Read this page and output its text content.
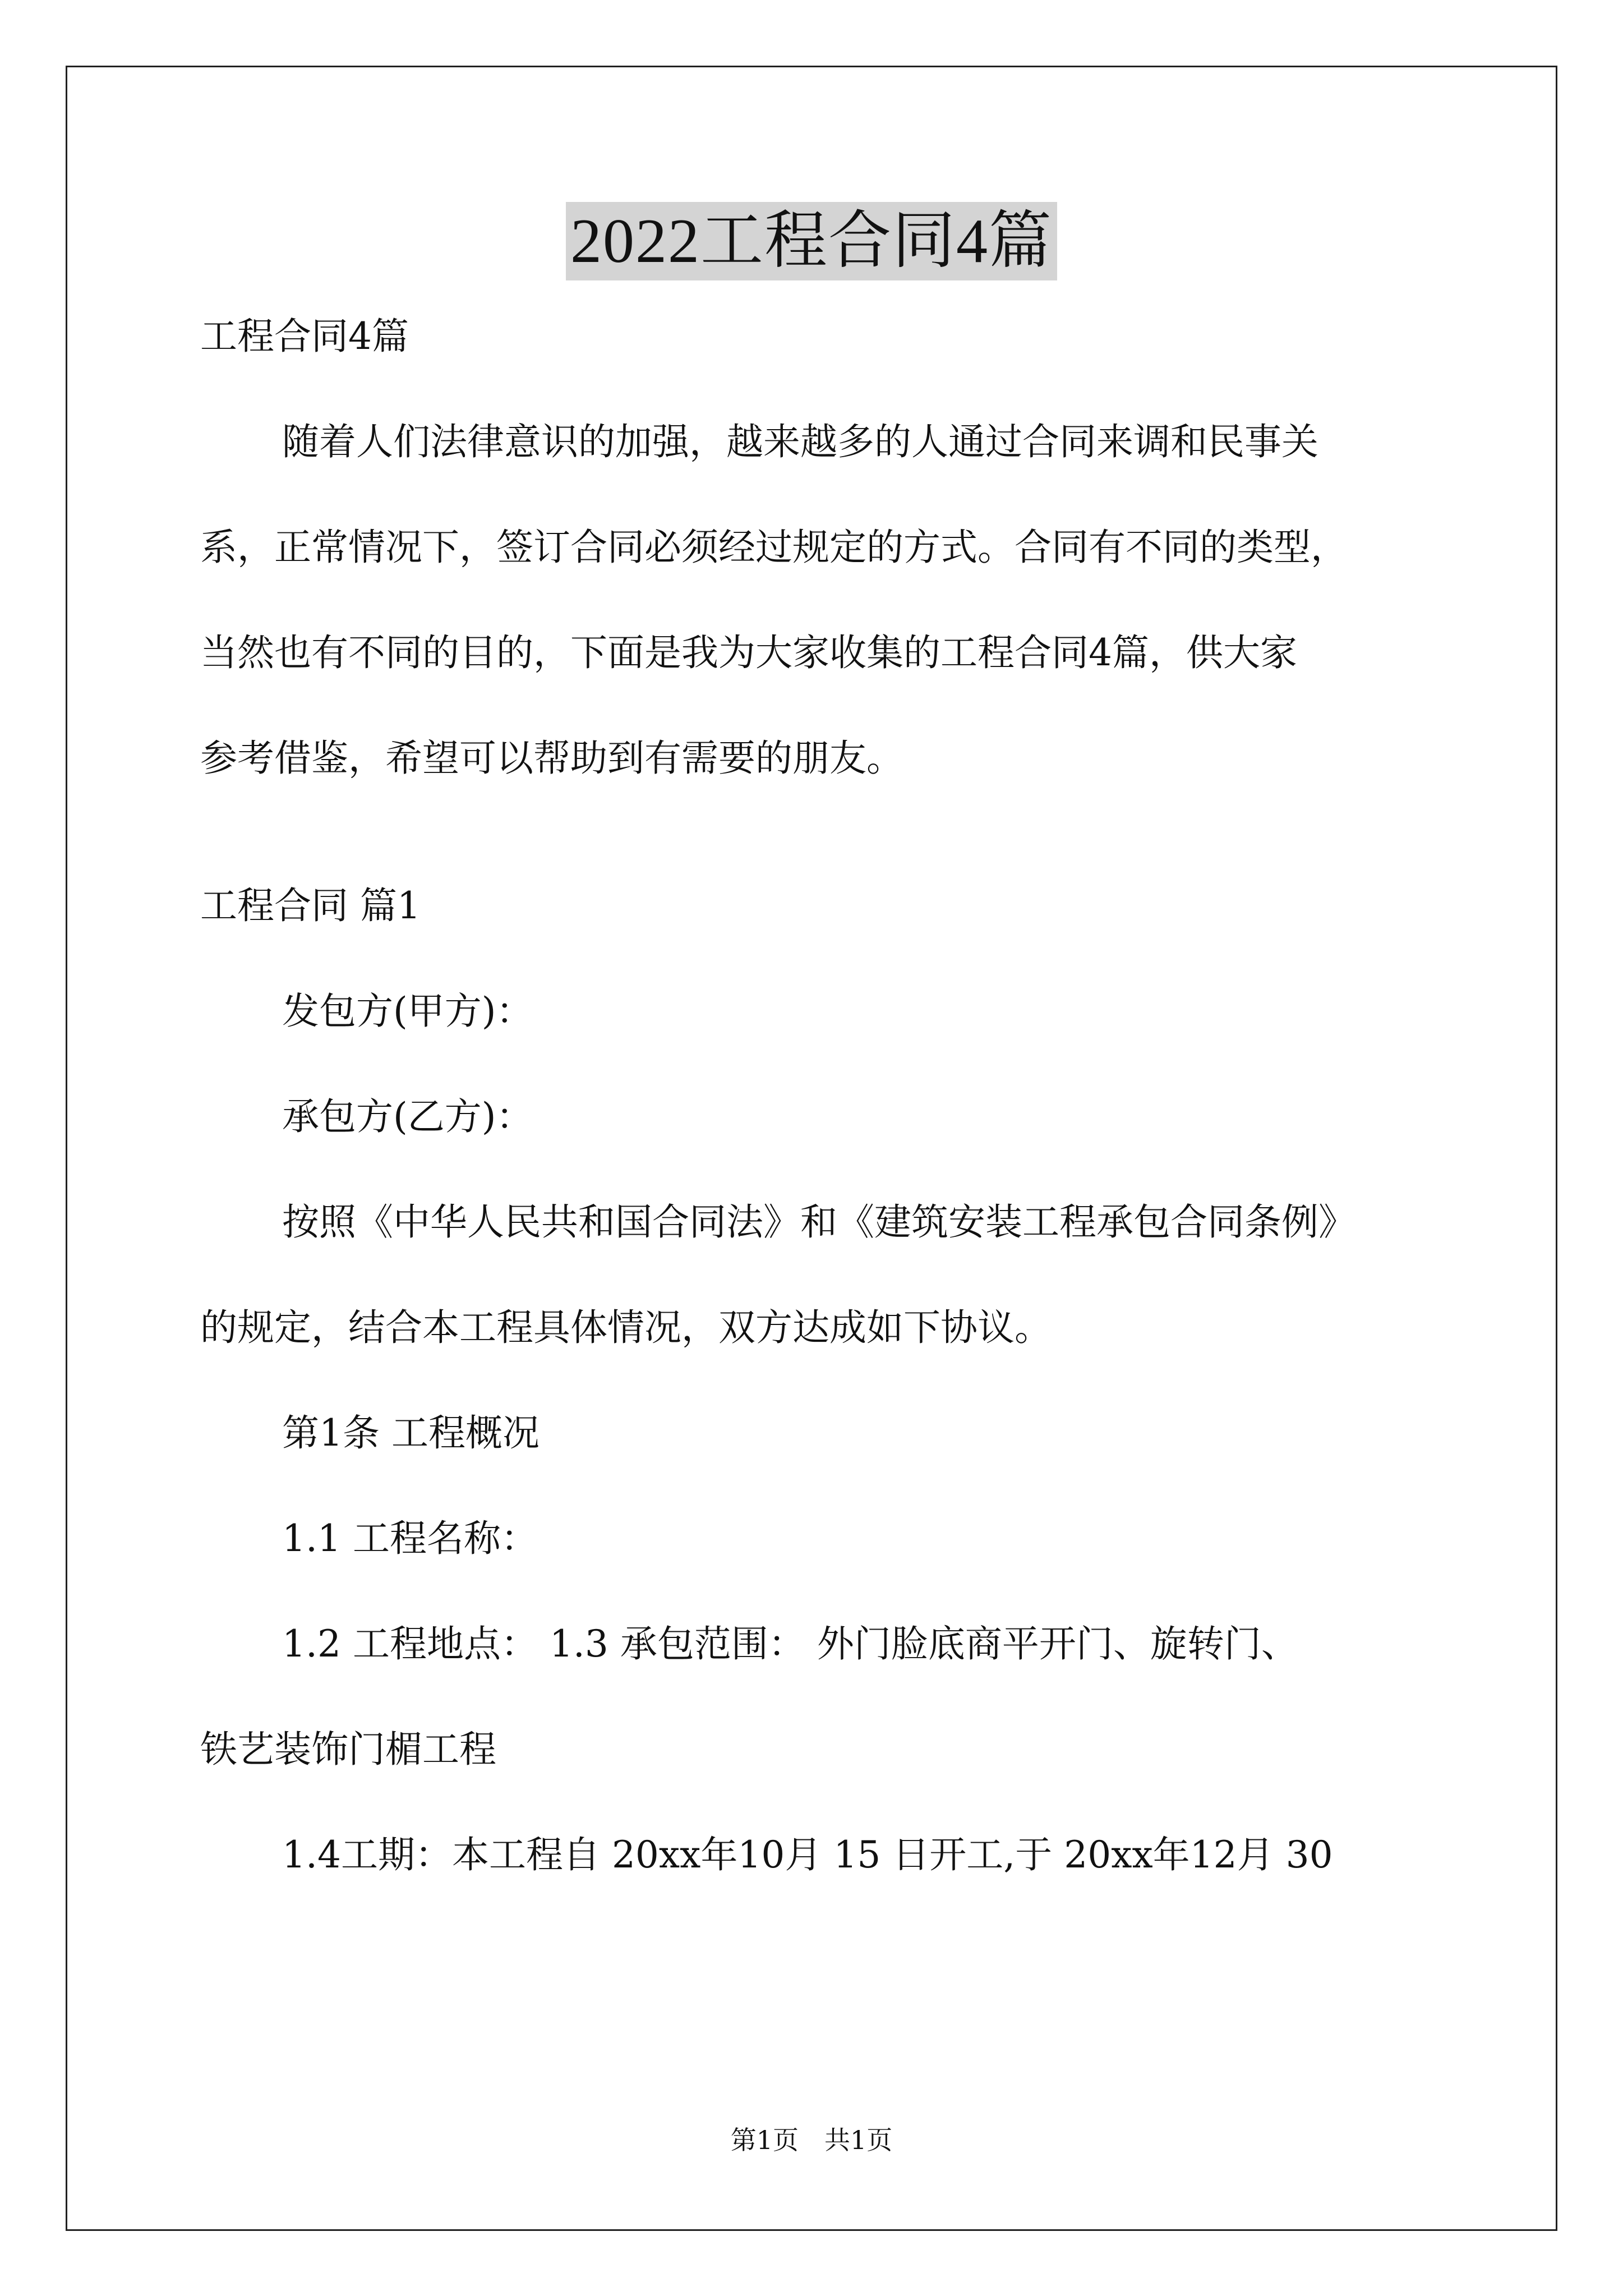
2022工程合同4篇
工程合同4篇
随着人们法律意识的加强，越来越多的人通过合同来调和民事关
系，正常情况下，签订合同必须经过规定的方式。合同有不同的类型，
当然也有不同的目的，下面是我为大家收集的工程合同4篇，供大家
参考借鉴，希望可以帮助到有需要的朋友。
工程合同 篇1
发包方(甲方)：
承包方(乙方)：
按照《中华人民共和国合同法》和《建筑安装工程承包合同条例》
的规定，结合本工程具体情况，双方达成如下协议。
第1条 工程概况
1.1 工程名称：
1.2 工程地点： 1.3 承包范围： 外门脸底商平开门、旋转门、
铁艺装饰门楣工程
1.4工期：本工程自 20xx年10月 15 日开工,于 20xx年12月 30
第1页　共1页
